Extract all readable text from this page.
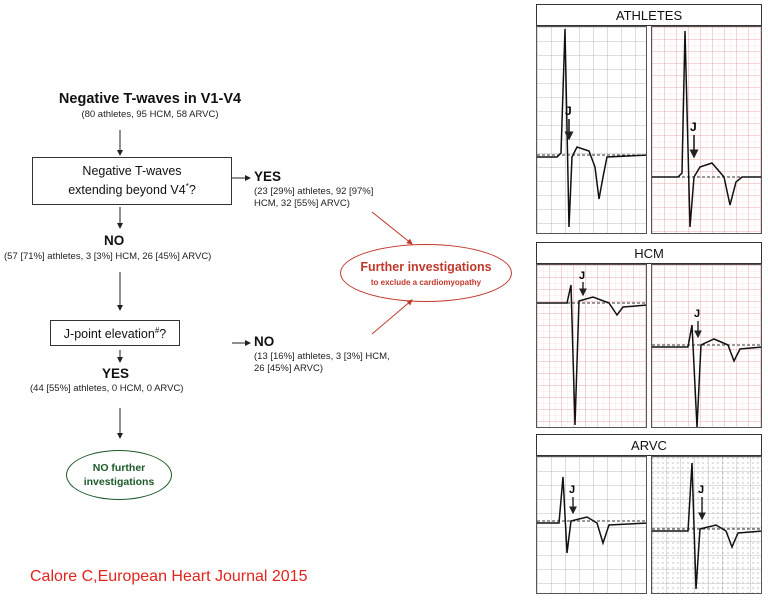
Negative T-waves in V1-V4
(80 athletes, 95 HCM, 58 ARVC)
Negative T-waves
extending beyond V4*?
YES
(23 [29%] athletes, 92 [97%]
HCM, 32 [55%] ARVC)
NO
(57 [71%] athletes, 3 [3%] HCM, 26 [45%] ARVC)
J-point elevation#?	NO
(13 [16%] athletes, 3 [3%] HCM,
26 [45%] ARVC)
YES
(44 [55%] athletes, 0 HCM, 0 ARVC)
Further investigations
to exclude a cardiomyopathy
NO further
investigations
Calore C,European Heart Journal 2015
ATHLETES
HCM
ARVC
J
J
J
J
J	J
